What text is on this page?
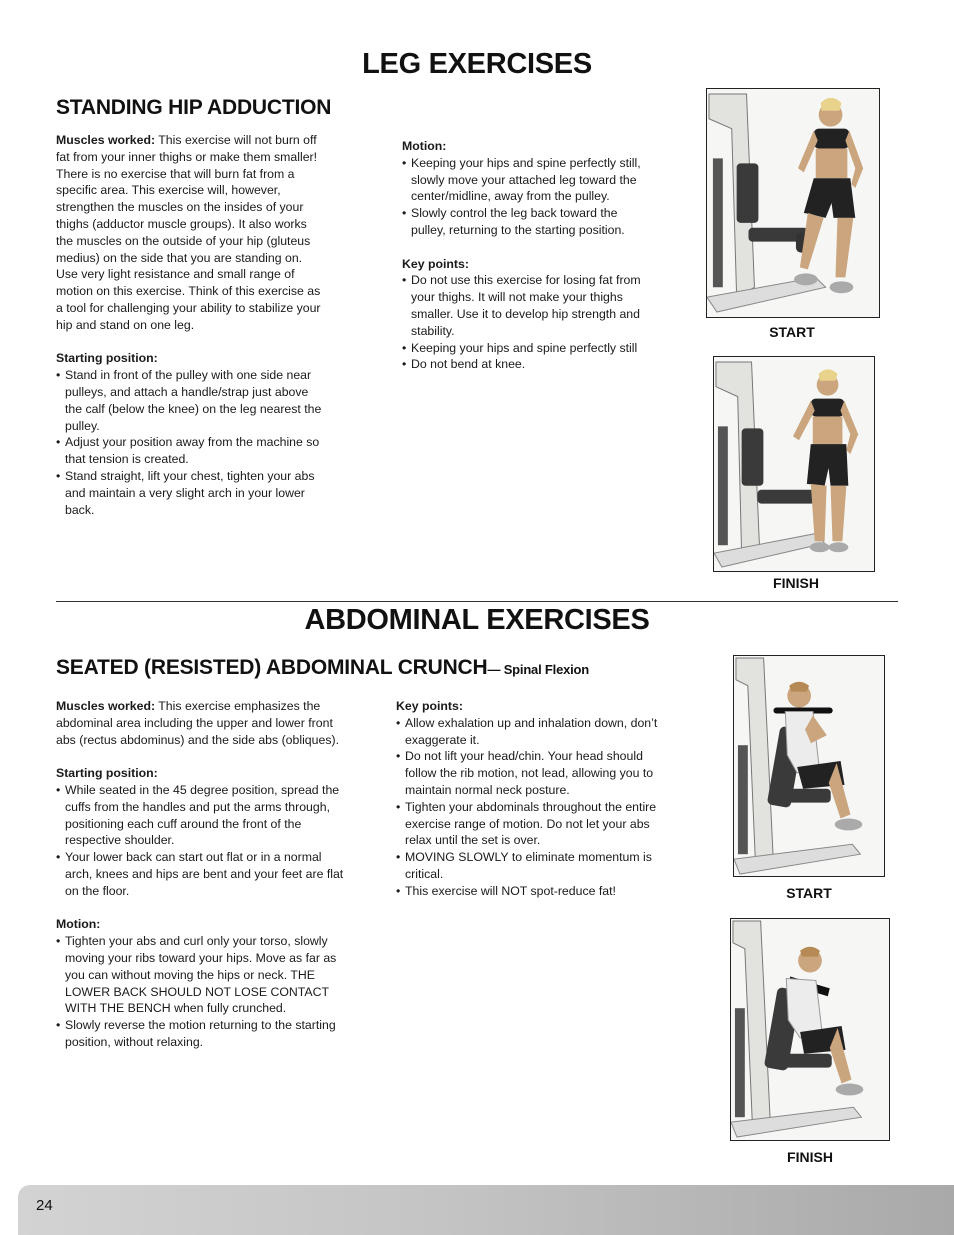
LEG EXERCISES
STANDING HIP ADDUCTION
Muscles worked: This exercise will not burn off fat from your inner thighs or make them smaller! There is no exercise that will burn fat from a specific area. This exercise will, however, strengthen the muscles on the insides of your thighs (adductor muscle groups). It also works the muscles on the outside of your hip (gluteus medius) on the side that you are standing on. Use very light resistance and small range of motion on this exercise. Think of this exercise as a tool for challenging your ability to stabilize your hip and stand on one leg.
Starting position:
• Stand in front of the pulley with one side near pulleys, and attach a handle/strap just above the calf (below the knee) on the leg nearest the pulley.
• Adjust your position away from the machine so that tension is created.
• Stand straight, lift your chest, tighten your abs and maintain a very slight arch in your lower back.
Motion:
• Keeping your hips and spine perfectly still, slowly move your attached leg toward the center/midline, away from the pulley.
• Slowly control the leg back toward the pulley, returning to the starting position.
Key points:
• Do not use this exercise for losing fat from your thighs. It will not make your thighs smaller. Use it to develop hip strength and stability.
• Keeping your hips and spine perfectly still
• Do not bend at knee.
START
FINISH
ABDOMINAL EXERCISES
SEATED (RESISTED) ABDOMINAL CRUNCH— Spinal Flexion
Muscles worked: This exercise emphasizes the abdominal area including the upper and lower front abs (rectus abdominus) and the side abs (obliques).
Starting position:
• While seated in the 45 degree position, spread the cuffs from the handles and put the arms through, positioning each cuff around the front of the respective shoulder.
• Your lower back can start out flat or in a normal arch, knees and hips are bent and your feet are flat on the floor.
Motion:
• Tighten your abs and curl only your torso, slowly moving your ribs toward your hips. Move as far as you can without moving the hips or neck. THE LOWER BACK SHOULD NOT LOSE CONTACT WITH THE BENCH when fully crunched.
• Slowly reverse the motion returning to the starting position, without relaxing.
Key points:
• Allow exhalation up and inhalation down, don’t exaggerate it.
• Do not lift your head/chin. Your head should follow the rib motion, not lead, allowing you to maintain normal neck posture.
• Tighten your abdominals throughout the entire exercise range of motion. Do not let your abs relax until the set is over.
• MOVING SLOWLY to eliminate momentum is critical.
• This exercise will NOT spot-reduce fat!	START
FINISH
24
